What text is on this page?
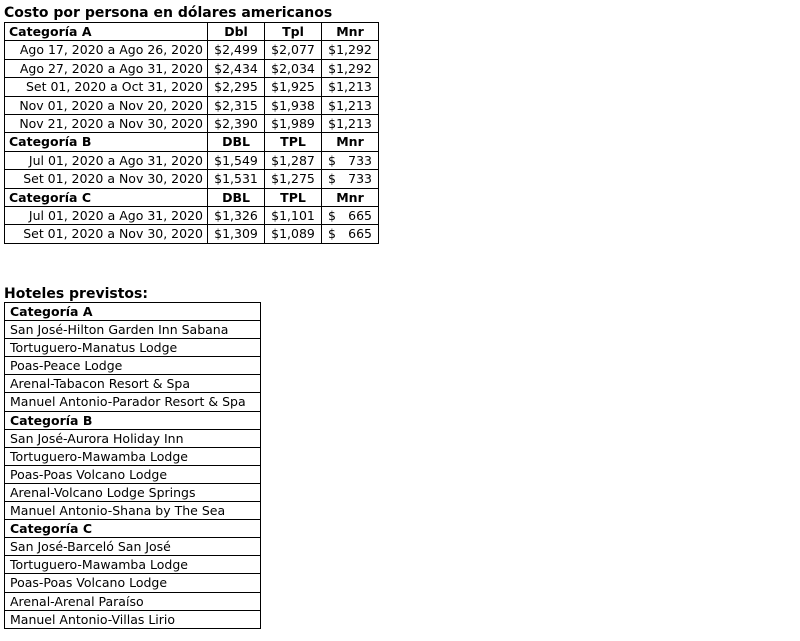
Costo por persona en dólares americanos
Categoría A	Dbl	Tpl	Mnr
Ago 17, 2020 a Ago 26, 2020	$2,499	$2,077	$1,292
Ago 27, 2020 a Ago 31, 2020	$2,434	$2,034	$1,292
Set 01, 2020 a Oct 31, 2020	$2,295	$1,925	$1,213
Nov 01, 2020 a Nov 20, 2020	$2,315	$1,938	$1,213
Nov 21, 2020 a Nov 30, 2020	$2,390	$1,989	$1,213
Categoría B	DBL	TPL	Mnr
Jul 01, 2020 a Ago 31, 2020	$1,549	$1,287	$ 733

Set 01, 2020 a Nov 30, 2020	$1,531	$1,275	$ 733

Categoría C	DBL	TPL	Mnr
Jul 01, 2020 a Ago 31, 2020	$1,326	$1,101	$ 665

Set 01, 2020 a Nov 30, 2020	$1,309	$1,089	$ 665
Hoteles previstos:
Categoría A
San José-Hilton Garden Inn Sabana
Tortuguero-Manatus Lodge
Poas-Peace Lodge
Arenal-Tabacon Resort & Spa
Manuel Antonio-Parador Resort & Spa
Categoría B
San José-Aurora Holiday Inn
Tortuguero-Mawamba Lodge
Poas-Poas Volcano Lodge
Arenal-Volcano Lodge Springs
Manuel Antonio-Shana by The Sea
Categoría C
San José-Barceló San José
Tortuguero-Mawamba Lodge
Poas-Poas Volcano Lodge
Arenal-Arenal Paraíso
Manuel Antonio-Villas Lirio
